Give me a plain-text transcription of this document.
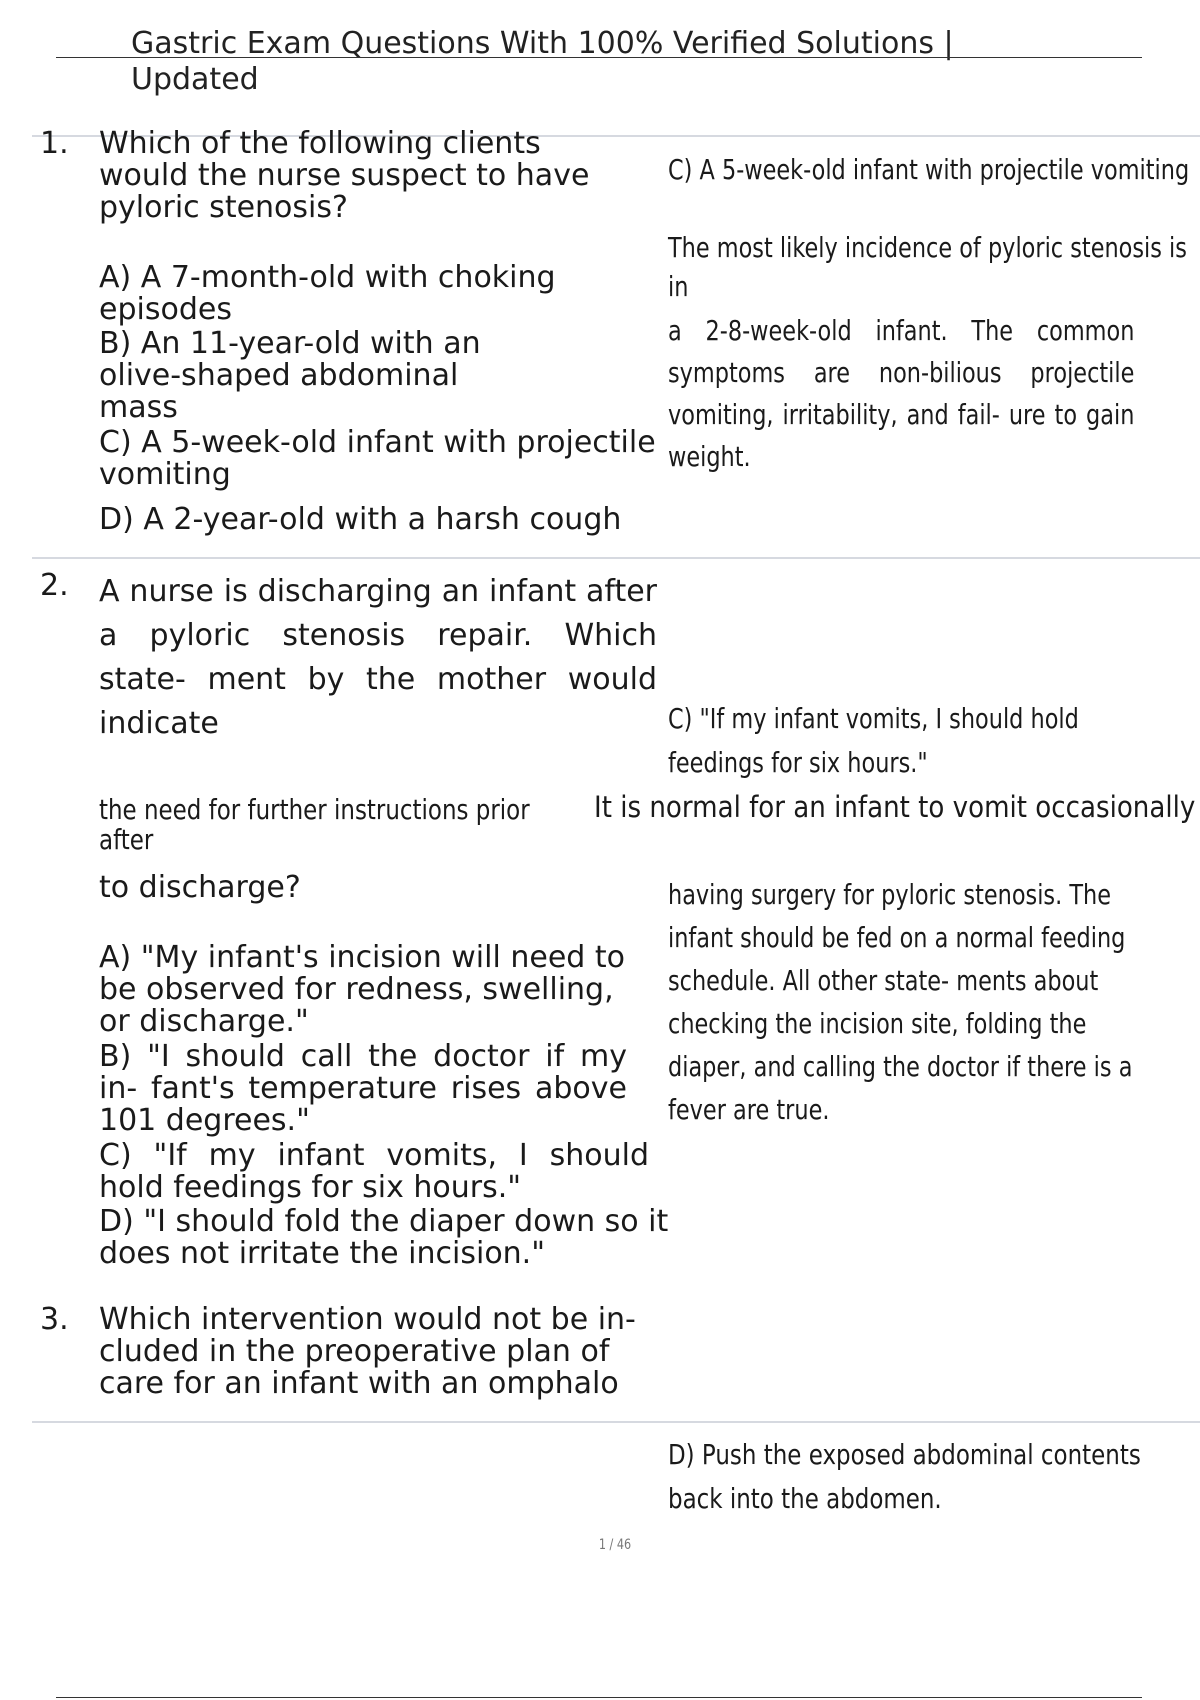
Gastric Exam Questions With 100% Verified Solutions |
Updated
1. Which of the following clients would the nurse suspect to have pyloric stenosis?
A) A 7-month-old with choking episodes
B) An 11-year-old with an olive-shaped abdominal mass
C) A 5-week-old infant with projectile vomiting
D) A 2-year-old with a harsh cough
C) A 5-week-old infant with projectile vomiting
The most likely incidence of pyloric stenosis is
in
a 2-8-week-old infant. The common symptoms are non-bilious projectile vomiting, irritability, and fail- ure to gain weight.
2. A nurse is discharging an infant after a pyloric stenosis repair. Which state- ment by the mother would indicate	C) "If my infant vomits, I should hold feedings for six hours."
the need for further instructions prior after
It is normal for an infant to vomit occasionally
to discharge?	having surgery for pyloric stenosis. The infant should be fed on a normal feeding schedule. All other state- ments about checking the incision site, folding the diaper, and calling the doctor if there is a fever are true.
A) "My infant's incision will need to be observed for redness, swelling, or discharge."
B) "I should call the doctor if my in- fant's temperature rises above 101 degrees."
C) "If my infant vomits, I should hold feedings for six hours."
D) "I should fold the diaper down so it does not irritate the incision."
3. Which intervention would not be in- cluded in the preoperative plan of care for an infant with an omphalo
D) Push the exposed abdominal contents back into the abdomen.
1 / 46
